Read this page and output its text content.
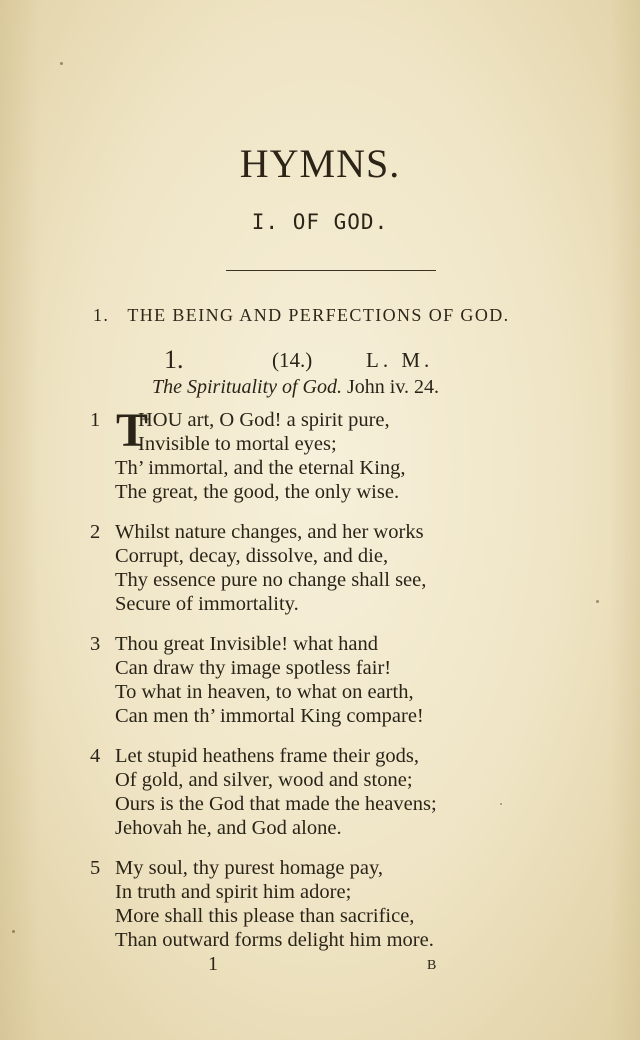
HYMNS.
I. OF GOD.
1. THE BEING AND PERFECTIONS OF GOD.
1.	(14.)	L. M.
The Spirituality of God. John iv. 24.
1 T
HOU art, O God! a spirit pure,
Invisible to mortal eyes;
Th’ immortal, and the eternal King,
The great, the good, the only wise.
2 Whilst nature changes, and her works
Corrupt, decay, dissolve, and die,
Thy essence pure no change shall see,
Secure of immortality.
3 Thou great Invisible! what hand
Can draw thy image spotless fair!
To what in heaven, to what on earth,
Can men th’ immortal King compare!
4 Let stupid heathens frame their gods,
Of gold, and silver, wood and stone;
Ours is the God that made the heavens;
Jehovah he, and God alone.
5 My soul, thy purest homage pay,
In truth and spirit him adore;
More shall this please than sacrifice,
Than outward forms delight him more.
1	B
